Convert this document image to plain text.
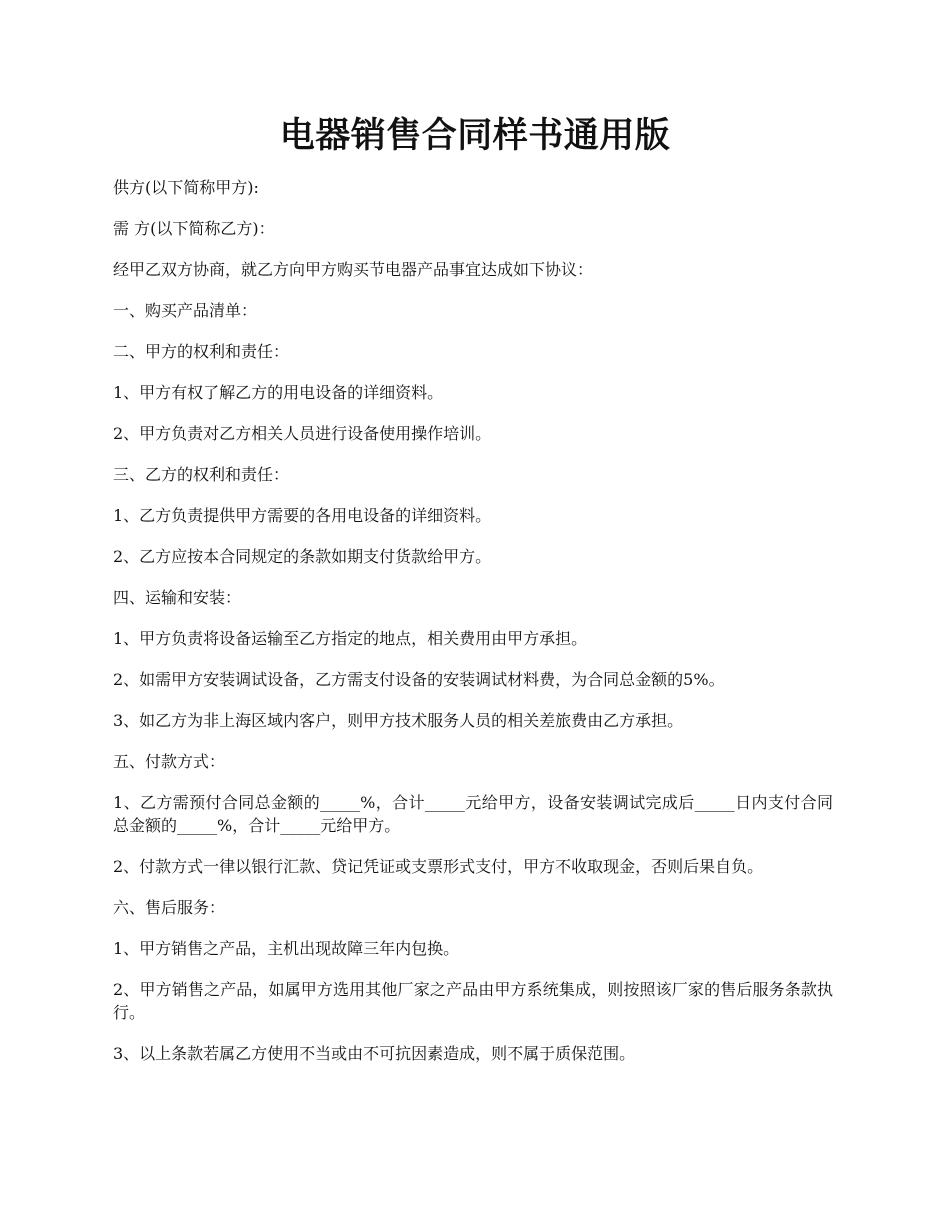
电器销售合同样书通用版

供方(以下简称甲方):

需 方(以下简称乙方)：

经甲乙双方协商，就乙方向甲方购买节电器产品事宜达成如下协议：

一、购买产品清单：

二、甲方的权利和责任：

1、甲方有权了解乙方的用电设备的详细资料。

2、甲方负责对乙方相关人员进行设备使用操作培训。

三、乙方的权利和责任：

1、乙方负责提供甲方需要的各用电设备的详细资料。

2、乙方应按本合同规定的条款如期支付货款给甲方。

四、运输和安装：

1、甲方负责将设备运输至乙方指定的地点，相关费用由甲方承担。

2、如需甲方安装调试设备，乙方需支付设备的安装调试材料费，为合同总金额的5%。

3、如乙方为非上海区域内客户，则甲方技术服务人员的相关差旅费由乙方承担。

五、付款方式：

1、乙方需预付合同总金额的_____%，合计_____元给甲方，设备安装调试完成后_____日内支付合同总金额的_____%，合计_____元给甲方。

2、付款方式一律以银行汇款、贷记凭证或支票形式支付，甲方不收取现金，否则后果自负。

六、售后服务：

1、甲方销售之产品，主机出现故障三年内包换。

2、甲方销售之产品，如属甲方选用其他厂家之产品由甲方系统集成，则按照该厂家的售后服务条款执行。

3、以上条款若属乙方使用不当或由不可抗因素造成，则不属于质保范围。
